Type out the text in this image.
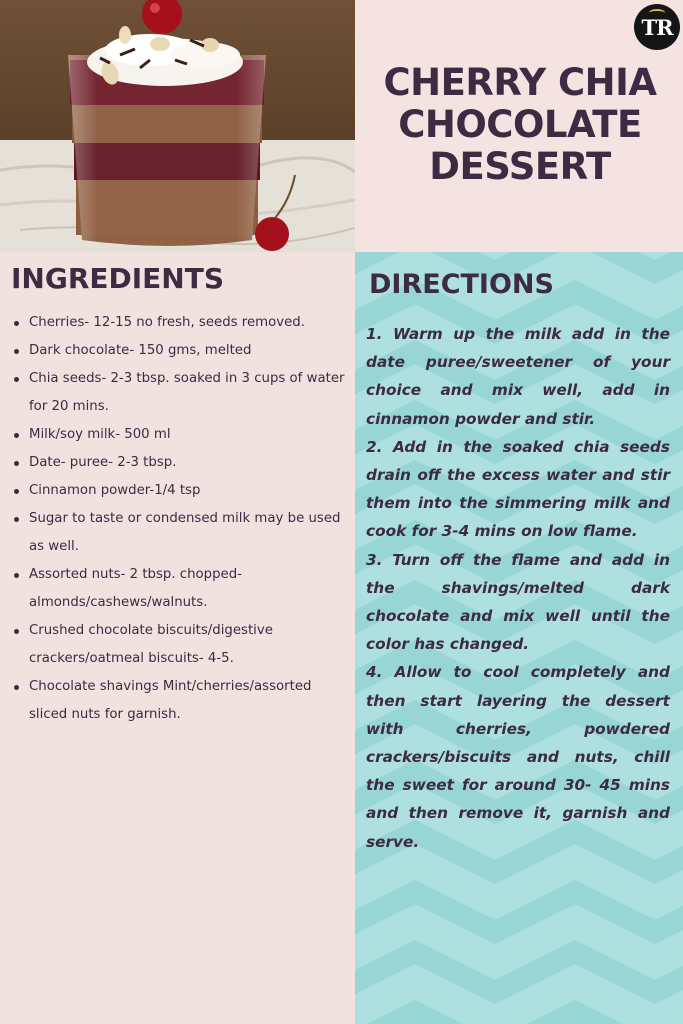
TR
CHERRY CHIA
CHOCOLATE
DESSERT
INGREDIENTS
Cherries- 12-15 no fresh, seeds removed.
Dark chocolate- 150 gms, melted
Chia seeds- 2-3 tbsp. soaked in 3 cups of water for 20 mins.
Milk/soy milk- 500 ml
Date- puree- 2-3 tbsp.
Cinnamon powder-1/4 tsp
Sugar to taste or condensed milk may be used as well.
Assorted nuts- 2 tbsp. chopped- almonds/cashews/walnuts.
Crushed chocolate biscuits/digestive crackers/oatmeal biscuits- 4-5.
Chocolate shavings Mint/cherries/assorted sliced nuts for garnish.
DIRECTIONS

1. Warm up the milk add in the date puree/sweetener of your choice and mix well, add in cinnamon powder and stir.

2. Add in the soaked chia seeds drain off the excess water and stir them into the simmering milk and cook for 3-4 mins on low flame.

3. Turn off the flame and add in the shavings/melted dark chocolate and mix well until the color has changed.

4. Allow to cool completely and then start layering the dessert with cherries, powdered crackers/biscuits and nuts, chill the sweet for around 30- 45 mins and then remove it, garnish and serve.
